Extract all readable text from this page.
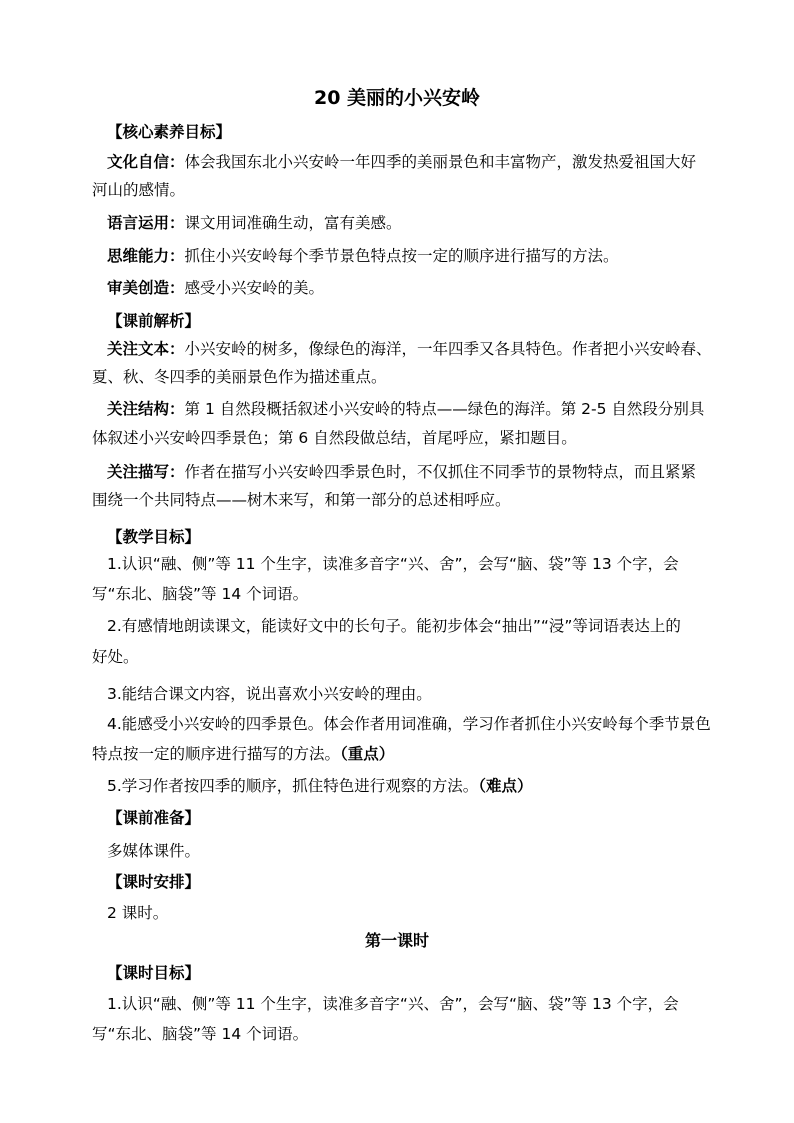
20 美丽的小兴安岭
【核心素养目标】
文化自信：体会我国东北小兴安岭一年四季的美丽景色和丰富物产，激发热爱祖国大好
河山的感情。
语言运用：课文用词准确生动，富有美感。
思维能力：抓住小兴安岭每个季节景色特点按一定的顺序进行描写的方法。
审美创造：感受小兴安岭的美。
【课前解析】
关注文本：小兴安岭的树多，像绿色的海洋，一年四季又各具特色。作者把小兴安岭春、
夏、秋、冬四季的美丽景色作为描述重点。
关注结构：第 1 自然段概括叙述小兴安岭的特点——绿色的海洋。第 2-5 自然段分别具
体叙述小兴安岭四季景色；第 6 自然段做总结，首尾呼应，紧扣题目。
关注描写：作者在描写小兴安岭四季景色时，不仅抓住不同季节的景物特点，而且紧紧
围绕一个共同特点——树木来写，和第一部分的总述相呼应。
【教学目标】
1.认识“融、侧”等 11 个生字，读准多音字“兴、舍”，会写“脑、袋”等 13 个字，会
写“东北、脑袋”等 14 个词语。
2.有感情地朗读课文，能读好文中的长句子。能初步体会“抽出”“浸”等词语表达上的
好处。
3.能结合课文内容，说出喜欢小兴安岭的理由。
4.能感受小兴安岭的四季景色。体会作者用词准确，学习作者抓住小兴安岭每个季节景色
特点按一定的顺序进行描写的方法。（重点）
5.学习作者按四季的顺序，抓住特色进行观察的方法。（难点）
【课前准备】
多媒体课件。
【课时安排】
2 课时。
第一课时
【课时目标】
1.认识“融、侧”等 11 个生字，读准多音字“兴、舍”，会写“脑、袋”等 13 个字，会
写“东北、脑袋”等 14 个词语。
